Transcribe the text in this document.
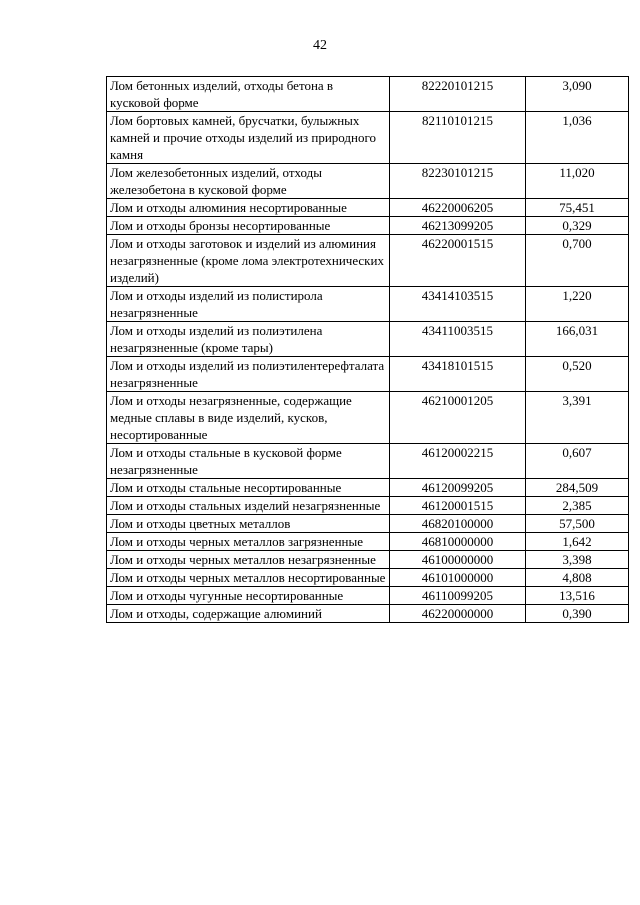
42
Лом бетонных изделий, отходы бетона в кусковой форме	82220101215	3,090
Лом бортовых камней, брусчатки, булыжных камней и прочие отходы изделий из природного камня	82110101215	1,036
Лом железобетонных изделий, отходы железобетона в кусковой форме	82230101215	11,020
Лом и отходы алюминия несортированные	46220006205	75,451
Лом и отходы бронзы несортированные	46213099205	0,329
Лом и отходы заготовок и изделий из алюминия незагрязненные (кроме лома электротехнических изделий)	46220001515	0,700
Лом и отходы изделий из полистирола незагрязненные	43414103515	1,220
Лом и отходы изделий из полиэтилена незагрязненные (кроме тары)	43411003515	166,031
Лом и отходы изделий из полиэтилентерефталата незагрязненные	43418101515	0,520
Лом и отходы незагрязненные, содержащие медные сплавы в виде изделий, кусков, несортированные	46210001205	3,391
Лом и отходы стальные в кусковой форме незагрязненные	46120002215	0,607
Лом и отходы стальные несортированные	46120099205	284,509
Лом и отходы стальных изделий незагрязненные	46120001515	2,385
Лом и отходы цветных металлов	46820100000	57,500
Лом и отходы черных металлов загрязненные	46810000000	1,642
Лом и отходы черных металлов незагрязненные	46100000000	3,398
Лом и отходы черных металлов несортированные	46101000000	4,808
Лом и отходы чугунные несортированные	46110099205	13,516
Лом и отходы, содержащие алюминий	46220000000	0,390
